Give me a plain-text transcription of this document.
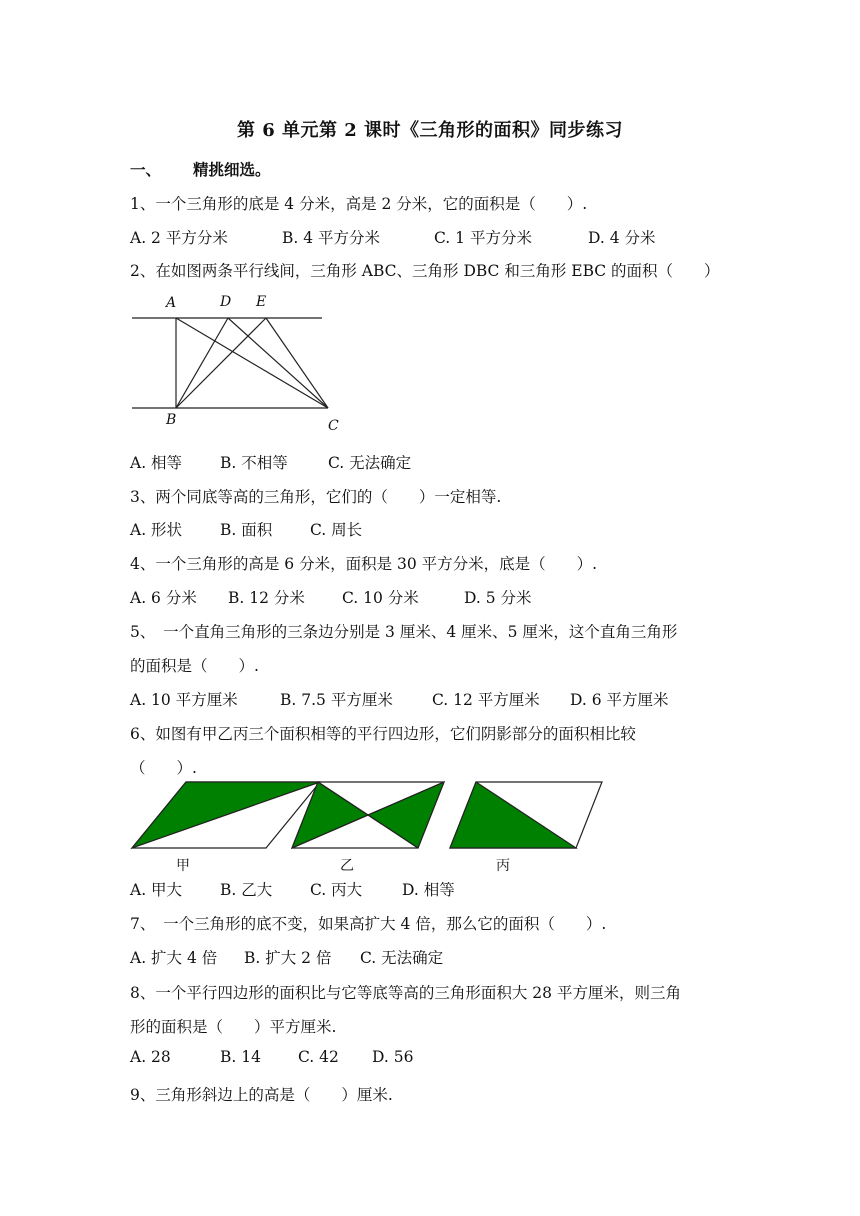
第 6 单元第 2 课时《三角形的面积》同步练习
一、 精挑细选。
1、一个三角形的底是 4 分米，高是 2 分米，它的面积是（　　）.
A. 2 平方分米	B. 4 平方分米	C. 1 平方分米	D. 4 分米
2、在如图两条平行线间，三角形 ABC、三角形 DBC 和三角形 EBC 的面积（　　）
A	D E
B	C
A. 相等 B. 不相等	C. 无法确定
3、两个同底等高的三角形，它们的（　　）一定相等.
A. 形状 B. 面积 C. 周长
4、一个三角形的高是 6 分米，面积是 30 平方分米，底是（　　）.
A. 6 分米 B. 12 分米 C. 10 分米	D. 5 分米
5、　一个直角三角形的三条边分别是 3 厘米、4 厘米、5 厘米，这个直角三角形
的面积是（　　）.
A. 10 平方厘米	B. 7.5 平方厘米	C. 12 平方厘米 D. 6 平方厘米
6、如图有甲乙丙三个面积相等的平行四边形，它们阴影部分的面积相比较
（　　）.
甲	乙	丙
A. 甲大 B. 乙大 C. 丙大	D. 相等
7、　一个三角形的底不变，如果高扩大 4 倍，那么它的面积（　　）.
A. 扩大 4 倍 B. 扩大 2 倍 C. 无法确定
8、一个平行四边形的面积比与它等底等高的三角形面积大 28 平方厘米，则三角
形的面积是（　　）平方厘米.
A. 28	B. 14 C. 42 D. 56
9、三角形斜边上的高是（　　）厘米.
